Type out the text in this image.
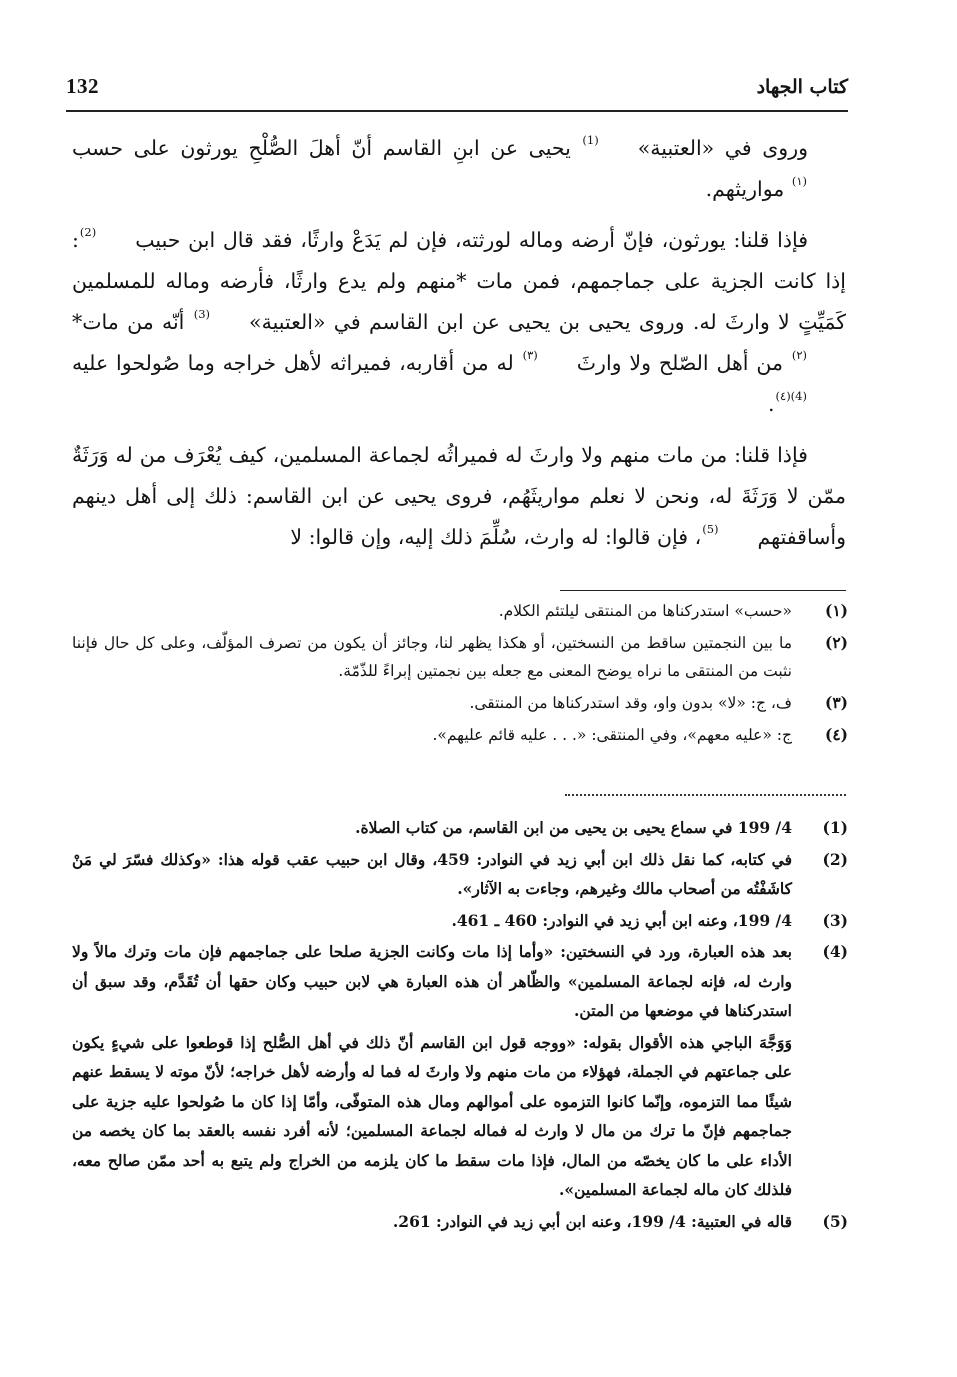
132	كتاب الجهاد

وروى في «العتبية»(1) يحيى عن ابنِ القاسم أنّ أهلَ الصُّلْحِ يورثون على حسب(١) مواريثهم.

فإذا قلنا: يورثون، فإنّ أرضه وماله لورثته، فإن لم يَدَعْ وارثًا، فقد قال ابن حبيب(2): إذا كانت الجزية على جماجمهم، فمن مات *منهم ولم يدع وارثًا، فأرضه وماله للمسلمين كَمَيِّتٍ لا وارثَ له. وروى يحيى بن يحيى عن ابن القاسم في «العتبية»(3) أنّه من مات*(٢) من أهل الصّلح ولا وارثَ(٣) له من أقاربه، فميراثه لأهل خراجه وما صُولحوا عليه(4)(٤).

فإذا قلنا: من مات منهم ولا وارثَ له فميراثُه لجماعة المسلمين، كيف يُعْرَف من له وَرَثَةٌ ممّن لا وَرَثَةَ له، ونحن لا نعلم مواريثَهُم، فروى يحيى عن ابن القاسم: ذلك إلى أهل دينهم وأساقفتهم(5)، فإن قالوا: له وارث، سُلِّمَ ذلك إليه، وإن قالوا: لا

(١)
«حسب» استدركناها من المنتقى ليلتئم الكلام.
(٢)
ما بين النجمتين ساقط من النسختين، أو هكذا يظهر لنا، وجائز أن يكون من تصرف المؤلّف، وعلى كل حال فإننا نثبت من المنتقى ما نراه يوضح المعنى مع جعله بين نجمتين إبراءً للذّمّة.
(٣)
ف، ج: «لا» بدون واو، وقد استدركناها من المنتقى.
(٤)
ج: «عليه معهم»، وفي المنتقى: «. . . عليه قائم عليهم».
(1)
4/ 199 في سماع يحيى بن يحيى من ابن القاسم، من كتاب الصلاة.
(2)
في كتابه، كما نقل ذلك ابن أبي زيد في النوادر: 459، وقال ابن حبيب عقب قوله هذا: «وكذلك فسّرَ لي مَنْ كاشَفْتُه من أصحاب مالك وغيرهم، وجاءت به الآثار».
(3)
4/ 199، وعنه ابن أبي زيد في النوادر: 460 ـ 461.
(4)
بعد هذه العبارة، ورد في النسختين: «وأما إذا مات وكانت الجزية صلحا على جماجمهم فإن مات وترك مالاً ولا وارث له، فإنه لجماعة المسلمين» والظّاهر أن هذه العبارة هي لابن حبيب وكان حقها أن تُقَدَّم، وقد سبق أن استدركناها في موضعها من المتن.
وَوَجَّهَ الباجي هذه الأقوال بقوله: «ووجه قول ابن القاسم أنّ ذلك في أهل الصُّلح إذا قوطعوا على شيءٍ يكون على جماعتهم في الجملة، فهؤلاء من مات منهم ولا وارثَ له فما له وأرضه لأهل خراجه؛ لأنّ موته لا يسقط عنهم شيئًا مما التزموه، وإنّما كانوا التزموه على أموالهم ومال هذه المتوفّى، وأمّا إذا كان ما صُولحوا عليه جزية على جماجمهم فإنّ ما ترك من مال لا وارث له فماله لجماعة المسلمين؛ لأنه أفرد نفسه بالعقد بما كان يخصه من الأداء على ما كان يخصّه من المال، فإذا مات سقط ما كان يلزمه من الخراج ولم يتبع به أحد ممّن صالح معه، فلذلك كان ماله لجماعة المسلمين».
(5)
قاله في العتبية: 4/ 199، وعنه ابن أبي زيد في النوادر: 261.
